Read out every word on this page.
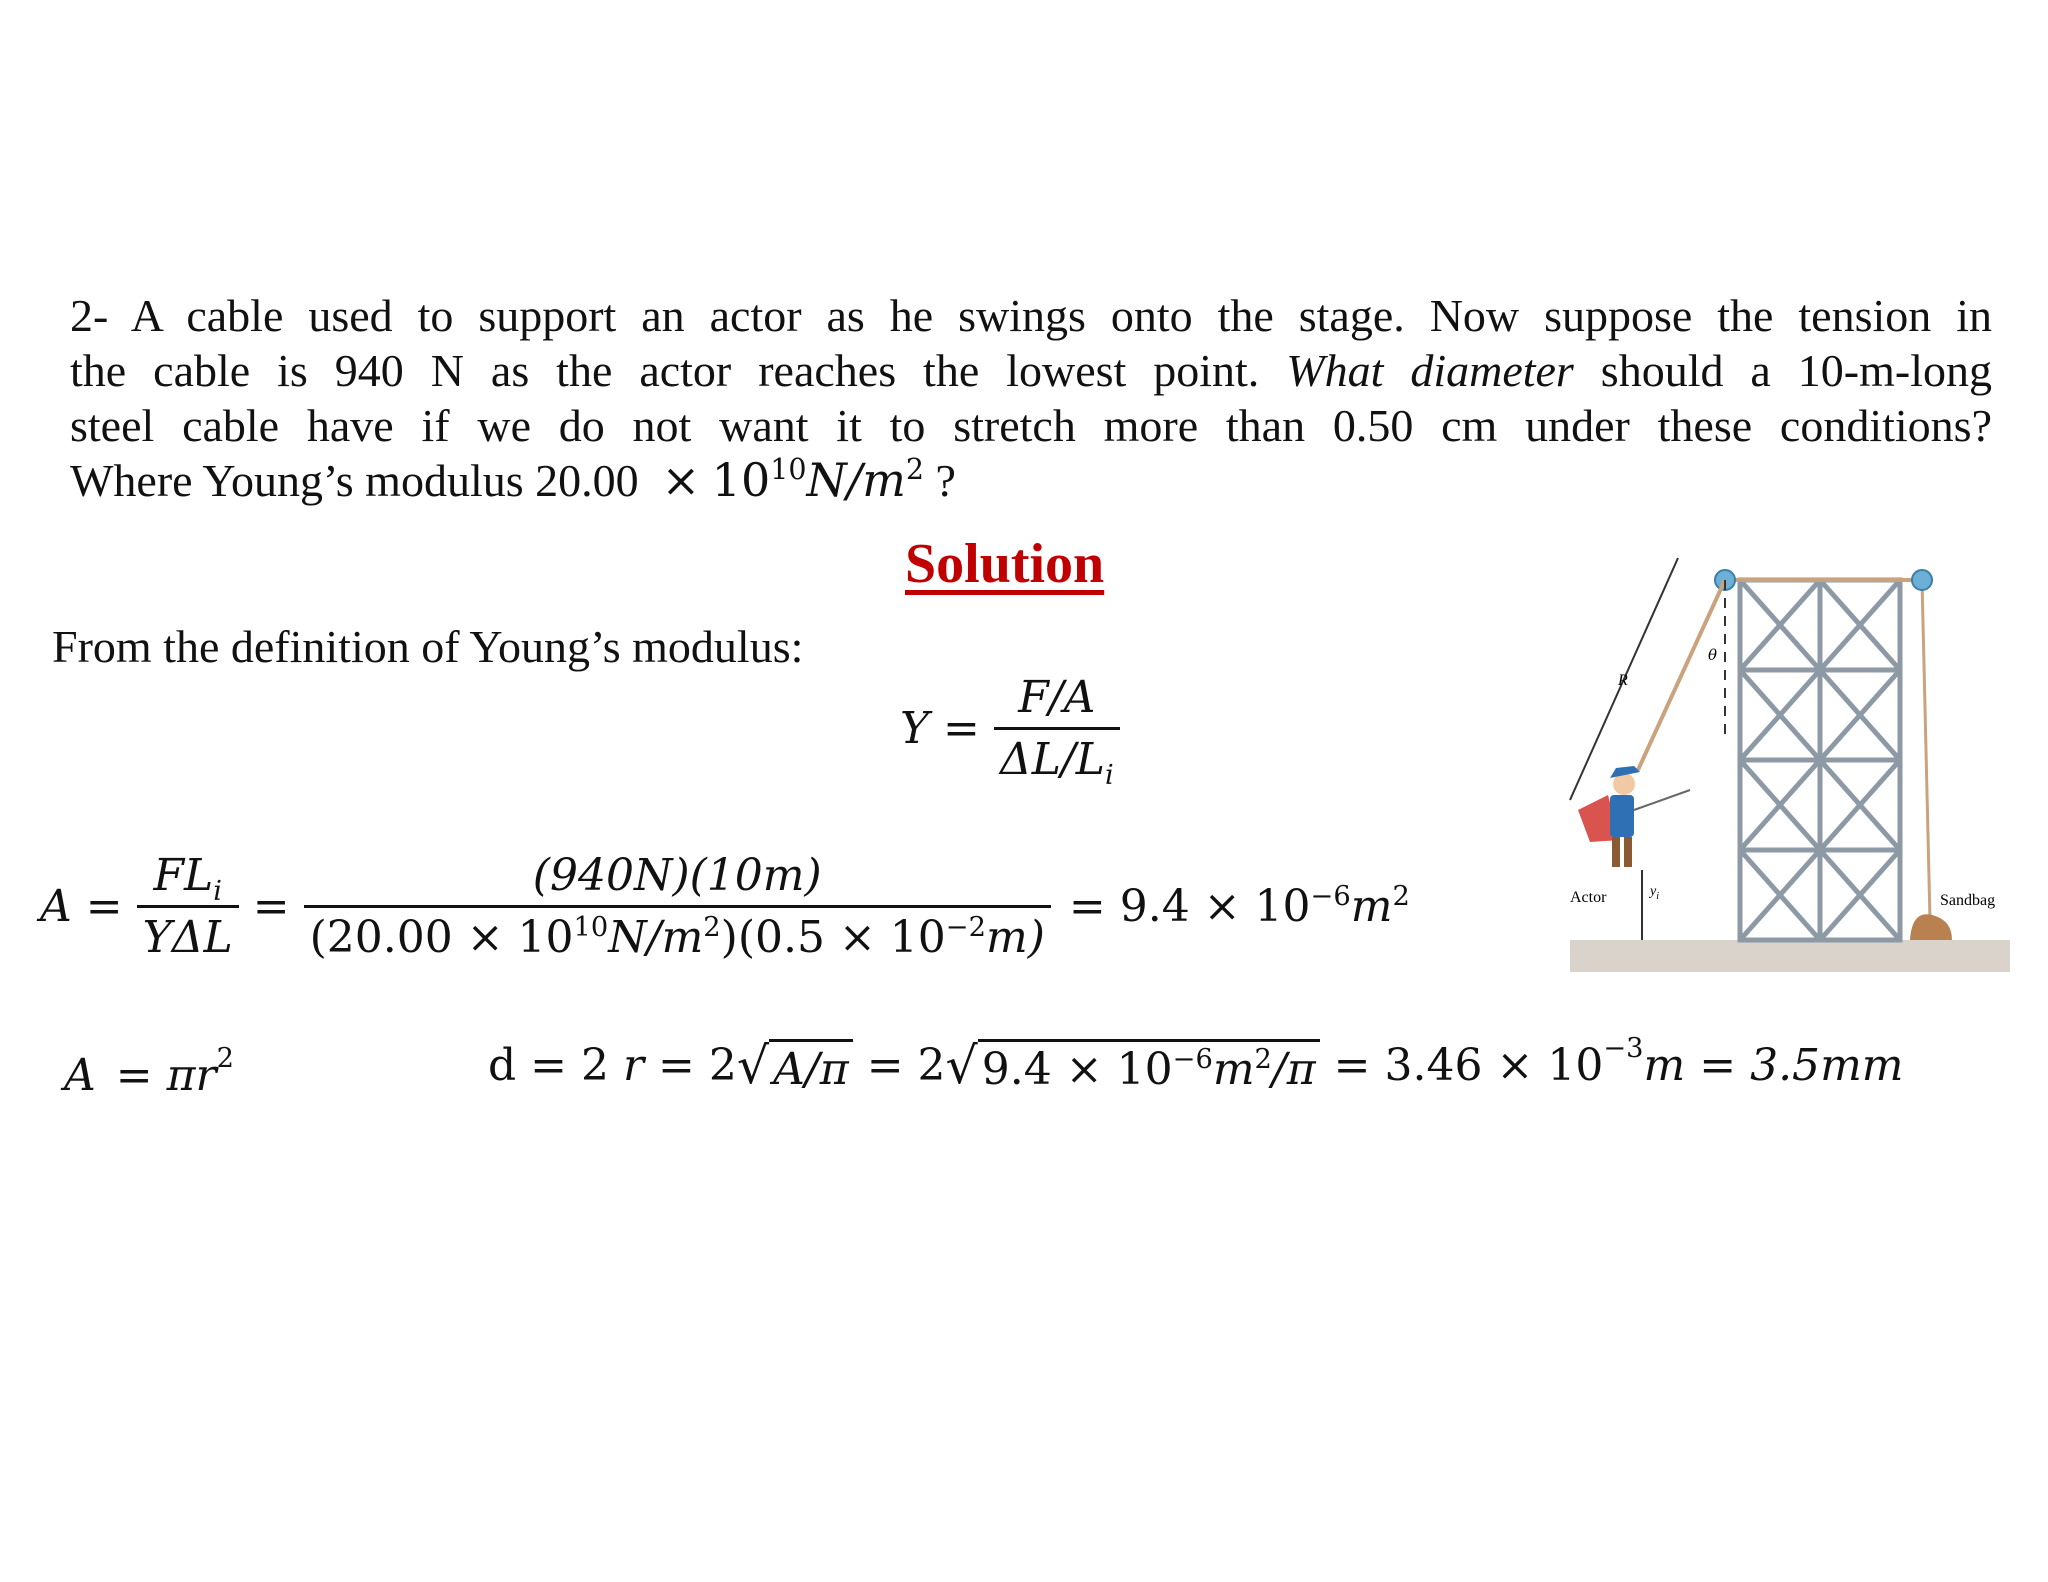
2- A cable used to support an actor as he swings onto the stage. Now suppose the tension in
the cable is 940 N as the actor reaches the lowest point. What diameter should a 10-m-long
steel cable have if we do not want it to stretch more than 0.50 cm under these conditions?
Where Young’s modulus $20.00 \times 10^{10}N/m^2$ ?
Solution
From the definition of Young’s modulus:
$Y = \frac{F/A}{\Delta L/L_i}$
$A = \frac{FL_i}{\text{YΔL}} = \frac{(940N)(10m)}{(20.00 \times 10^{10}N/m^2)(0.5 \times 10^{-2}m)} = 9.4 \times 10^{-6}m^2$
$A = \pi r^2$	d = 2
r
= 2 √ A/π
= 2 √ $9.4 \times 10^{-6}m^2/\pi$
= $3.46 \times 10^{-3}$ m = 3.5 mm
R
θ
Actor	$y_i$	Sandbag
